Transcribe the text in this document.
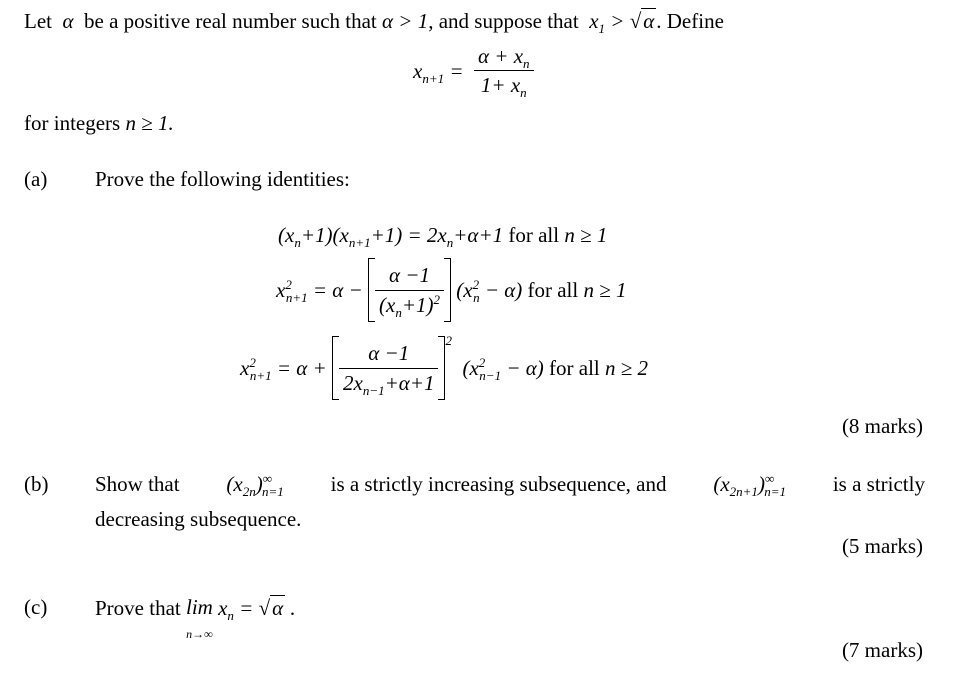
Let  α  be a positive real number such that α > 1, and suppose that  $x_1 > √\alpha$. Define
$x_{n+1} = \frac{\alpha + x_n}{1+ x_n}$
for integers n ≥ 1.
(a) Prove the following identities:
$(x_n+1)(x_{n+1}+1) = 2x_n+\alpha+1$ for all n ≥ 1
$x^2_{n+1} = \alpha - \frac{\alpha -1}{(x_n+1)^2} (x^2_n - \alpha)$ for all n ≥ 1
$x^2_{n+1} = \alpha + \frac{\alpha -1}{2x_{n-1}+\alpha+1}$
$^2$  $(x^2_{n-1} - \alpha)$ for all n ≥ 2
(8 marks)
(b) Show that $(x_{2n})^\infty_{n=1}$ is a strictly increasing subsequence, and $(x_{2n+1})^\infty_{n=1}$ is a strictly
decreasing subsequence.
(5 marks)
(c) Prove that lim
n→∞ $x_n = √\alpha$ .
(7 marks)
